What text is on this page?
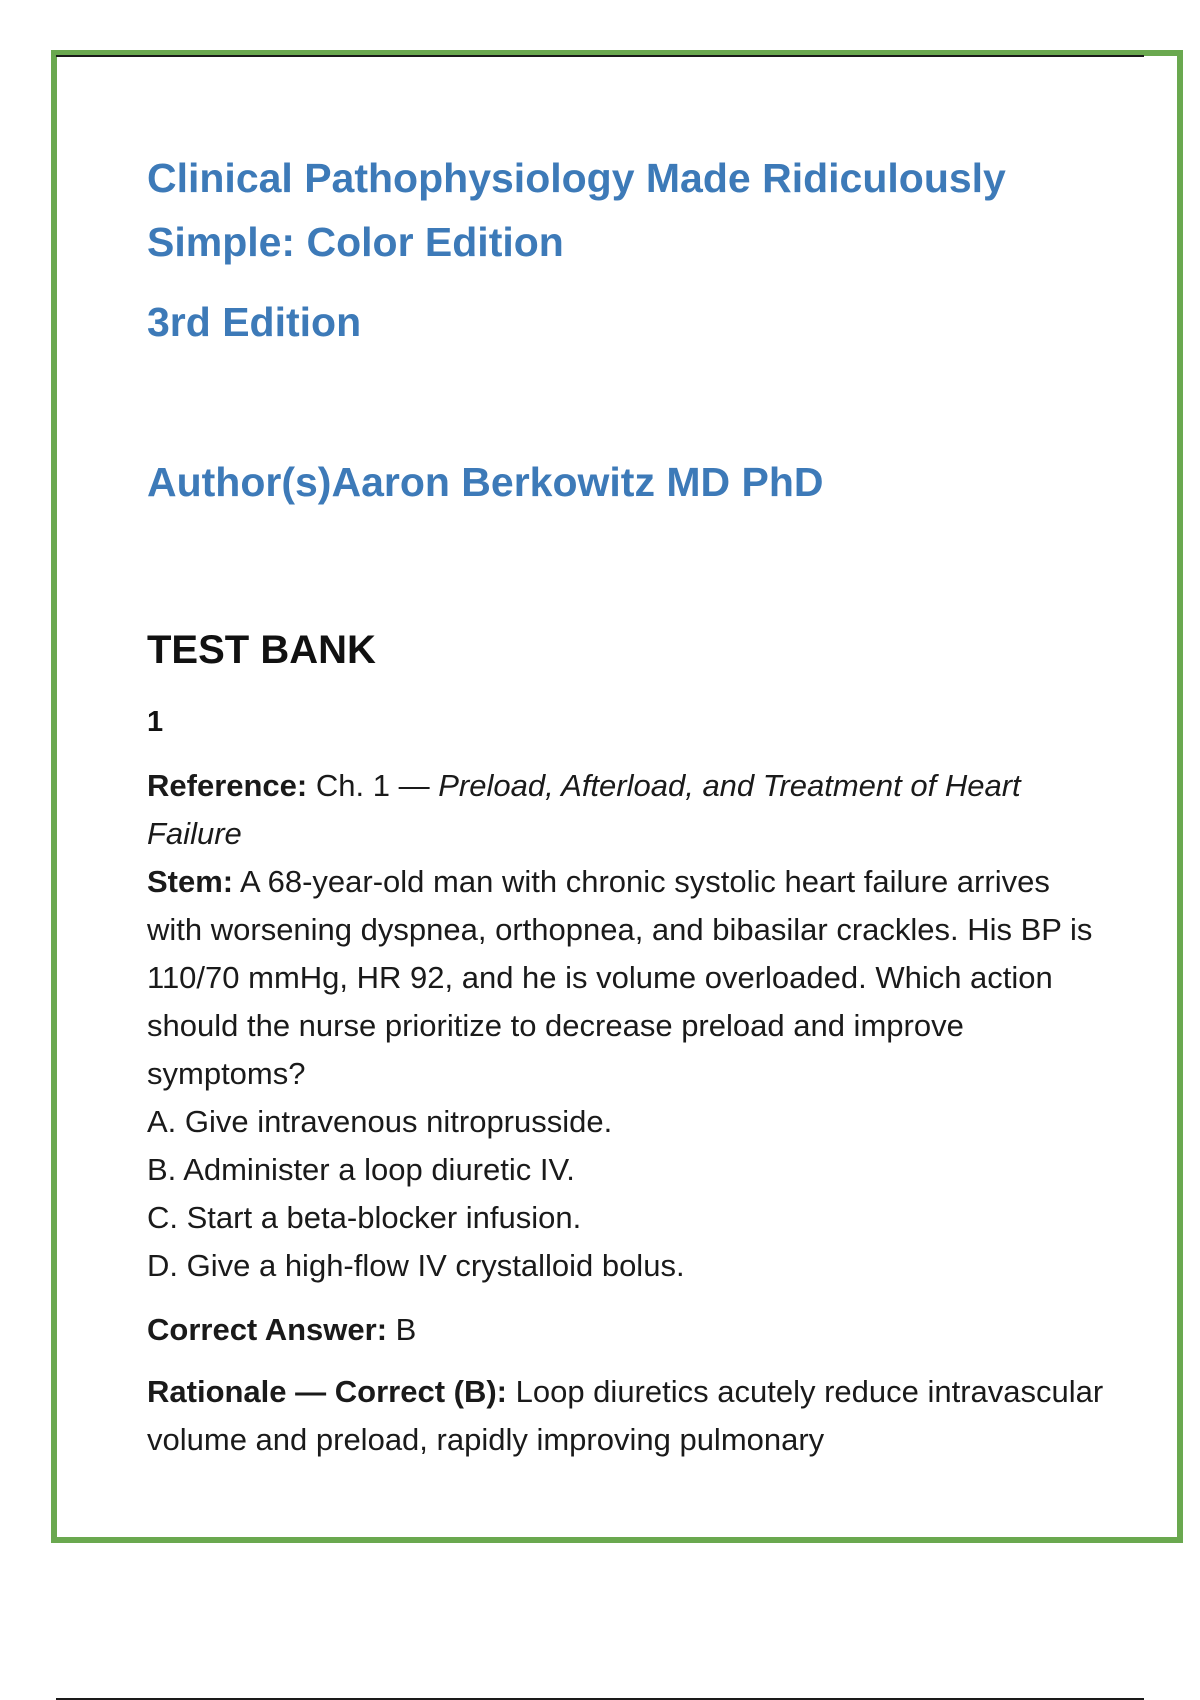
Clinical Pathophysiology Made Ridiculously
Simple: Color Edition
3rd Edition
Author(s)Aaron Berkowitz MD PhD
TEST BANK
1
Reference: Ch. 1 — Preload, Afterload, and Treatment of Heart Failure
Stem: A 68-year-old man with chronic systolic heart failure arrives with worsening dyspnea, orthopnea, and bibasilar crackles. His BP is 110/70 mmHg, HR 92, and he is volume overloaded. Which action should the nurse prioritize to decrease preload and improve symptoms?
A. Give intravenous nitroprusside.
B. Administer a loop diuretic IV.
C. Start a beta-blocker infusion.
D. Give a high-flow IV crystalloid bolus.
Correct Answer: B
Rationale — Correct (B): Loop diuretics acutely reduce intravascular volume and preload, rapidly improving pulmonary
